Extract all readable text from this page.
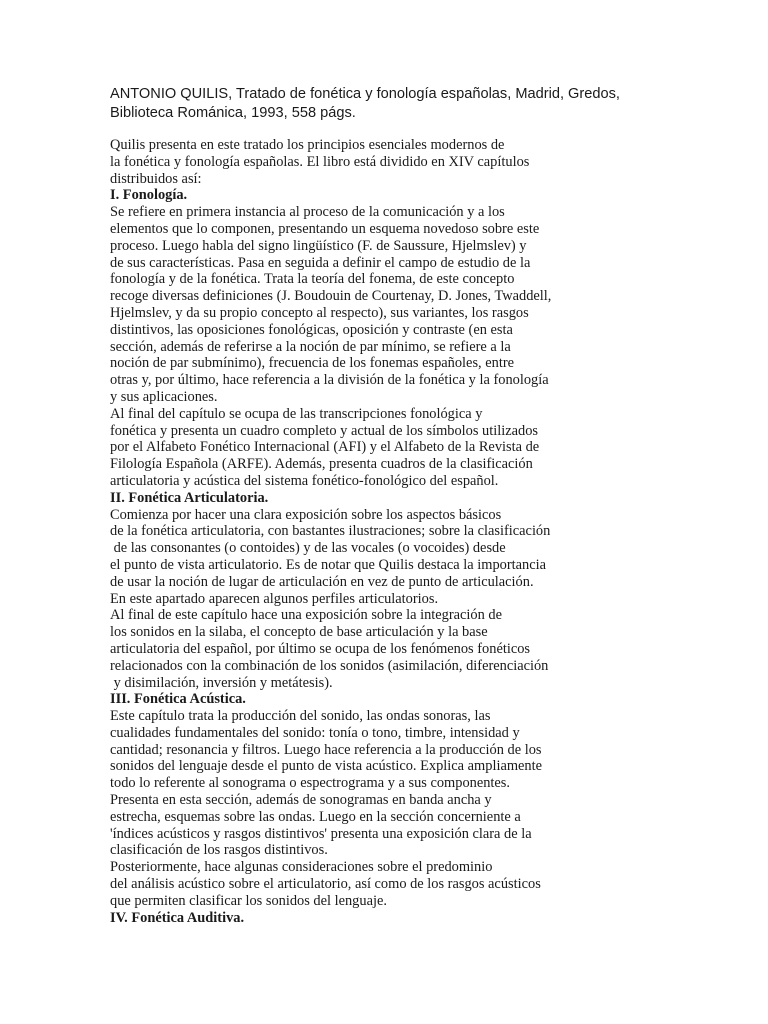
ANTONIO QUILIS, Tratado de fonética y fonología españolas, Madrid, Gredos,
Biblioteca Románica, 1993, 558 págs.
Quilis presenta en este tratado los principios esenciales modernos de
la fonética y fonología españolas. El libro está dividido en XIV capítulos
distribuidos así:
I. Fonología.
Se refiere en primera instancia al proceso de la comunicación y a los
elementos que lo componen, presentando un esquema novedoso sobre este
proceso. Luego habla del signo lingüístico (F. de Saussure, Hjelmslev) y
de sus características. Pasa en seguida a definir el campo de estudio de la
fonología y de la fonética. Trata la teoría del fonema, de este concepto
recoge diversas definiciones (J. Boudouin de Courtenay, D. Jones, Twaddell,
Hjelmslev, y da su propio concepto al respecto), sus variantes, los rasgos
distintivos, las oposiciones fonológicas, oposición y contraste (en esta
sección, además de referirse a la noción de par mínimo, se refiere a la
noción de par submínimo), frecuencia de los fonemas españoles, entre
otras y, por último, hace referencia a la división de la fonética y la fonología
y sus aplicaciones.
Al final del capítulo se ocupa de las transcripciones fonológica y
fonética y presenta un cuadro completo y actual de los símbolos utilizados
por el Alfabeto Fonético Internacional (AFI) y el Alfabeto de la Revista de
Filología Española (ARFE). Además, presenta cuadros de la clasificación
articulatoria y acústica del sistema fonético-fonológico del español.
II. Fonética Articulatoria.
Comienza por hacer una clara exposición sobre los aspectos básicos
de la fonética articulatoria, con bastantes ilustraciones; sobre la clasificación
de las consonantes (o contoides) y de las vocales (o vocoides) desde
el punto de vista articulatorio. Es de notar que Quilis destaca la importancia
de usar la noción de lugar de articulación en vez de punto de articulación.
En este apartado aparecen algunos perfiles articulatorios.
Al final de este capítulo hace una exposición sobre la integración de
los sonidos en la silaba, el concepto de base articulación y la base
articulatoria del español, por último se ocupa de los fenómenos fonéticos
relacionados con la combinación de los sonidos (asimilación, diferenciación
y disimilación, inversión y metátesis).
III. Fonética Acústica.
Este capítulo trata la producción del sonido, las ondas sonoras, las
cualidades fundamentales del sonido: tonía o tono, timbre, intensidad y
cantidad; resonancia y filtros. Luego hace referencia a la producción de los
sonidos del lenguaje desde el punto de vista acústico. Explica ampliamente
todo lo referente al sonograma o espectrograma y a sus componentes.
Presenta en esta sección, además de sonogramas en banda ancha y
estrecha, esquemas sobre las ondas. Luego en la sección concerniente a
'índices acústicos y rasgos distintivos' presenta una exposición clara de la
clasificación de los rasgos distintivos.
Posteriormente, hace algunas consideraciones sobre el predominio
del análisis acústico sobre el articulatorio, así como de los rasgos acústicos
que permiten clasificar los sonidos del lenguaje.
IV. Fonética Auditiva.
